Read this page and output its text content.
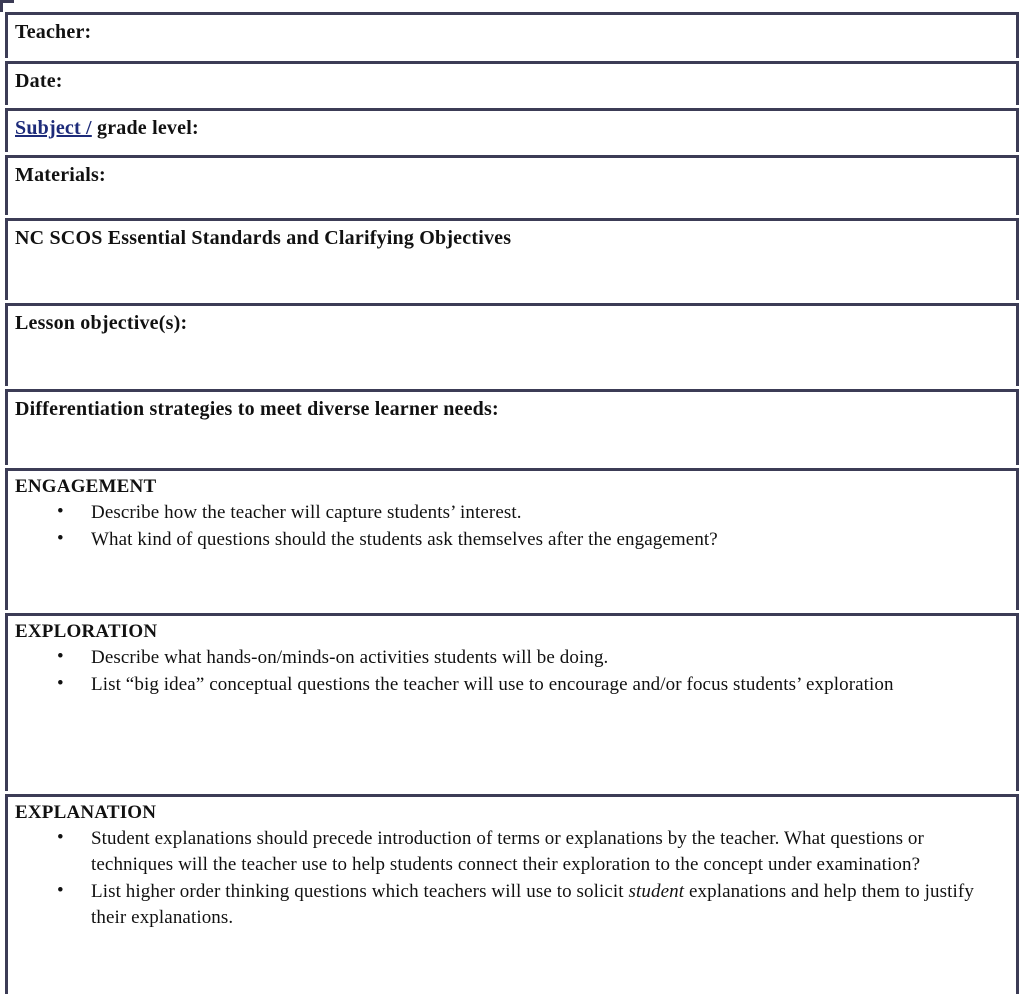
Teacher:
Date:
Subject / grade level:
Materials:
NC SCOS Essential Standards and Clarifying Objectives
Lesson objective(s):
Differentiation strategies to meet diverse learner needs:
ENGAGEMENT
• Describe how the teacher will capture students’ interest.
• What kind of questions should the students ask themselves after the engagement?
EXPLORATION
• Describe what hands-on/minds-on activities students will be doing.
• List “big idea” conceptual questions the teacher will use to encourage and/or focus students’ exploration
EXPLANATION
• Student explanations should precede introduction of terms or explanations by the teacher. What questions or techniques will the teacher use to help students connect their exploration to the concept under examination?
• List higher order thinking questions which teachers will use to solicit student explanations and help them to justify their explanations.
